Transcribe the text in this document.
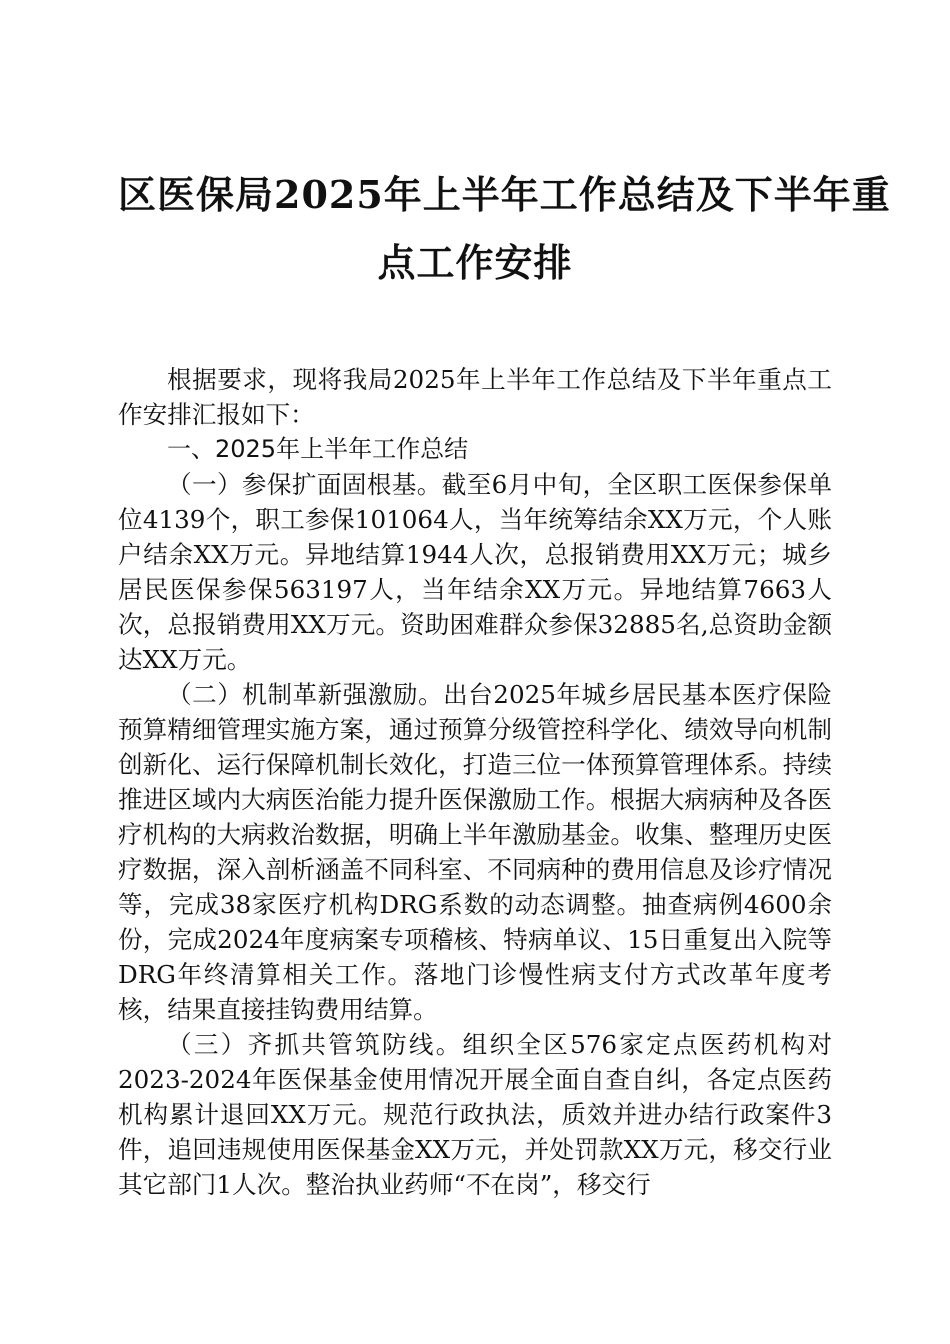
区医保局2025年上半年工作总结及下半年重
点工作安排

根据要求，现将我局2025年上半年工作总结及下半年重点工作安排汇报如下：

一、2025年上半年工作总结

（一）参保扩面固根基。截至6月中旬，全区职工医保参保单位4139个，职工参保101064人，当年统筹结余XX万元，个人账户结余XX万元。异地结算1944人次，总报销费用XX万元；城乡居民医保参保563197人，当年结余XX万元。异地结算7663人次，总报销费用XX万元。资助困难群众参保32885名,总资助金额达XX万元。

（二）机制革新强激励。出台2025年城乡居民基本医疗保险预算精细管理实施方案，通过预算分级管控科学化、绩效导向机制创新化、运行保障机制长效化，打造三位一体预算管理体系。持续推进区域内大病医治能力提升医保激励工作。根据大病病种及各医疗机构的大病救治数据，明确上半年激励基金。收集、整理历史医疗数据，深入剖析涵盖不同科室、不同病种的费用信息及诊疗情况等，完成38家医疗机构DRG系数的动态调整。抽查病例4600余份，完成2024年度病案专项稽核、特病单议、15日重复出入院等DRG年终清算相关工作。落地门诊慢性病支付方式改革年度考核，结果直接挂钩费用结算。

（三）齐抓共管筑防线。组织全区576家定点医药机构对2023-2024年医保基金使用情况开展全面自查自纠，各定点医药机构累计退回XX万元。规范行政执法，质效并进办结行政案件3件，追回违规使用医保基金XX万元，并处罚款XX万元，移交行业其它部门1人次。整治执业药师“不在岗”，移交行
